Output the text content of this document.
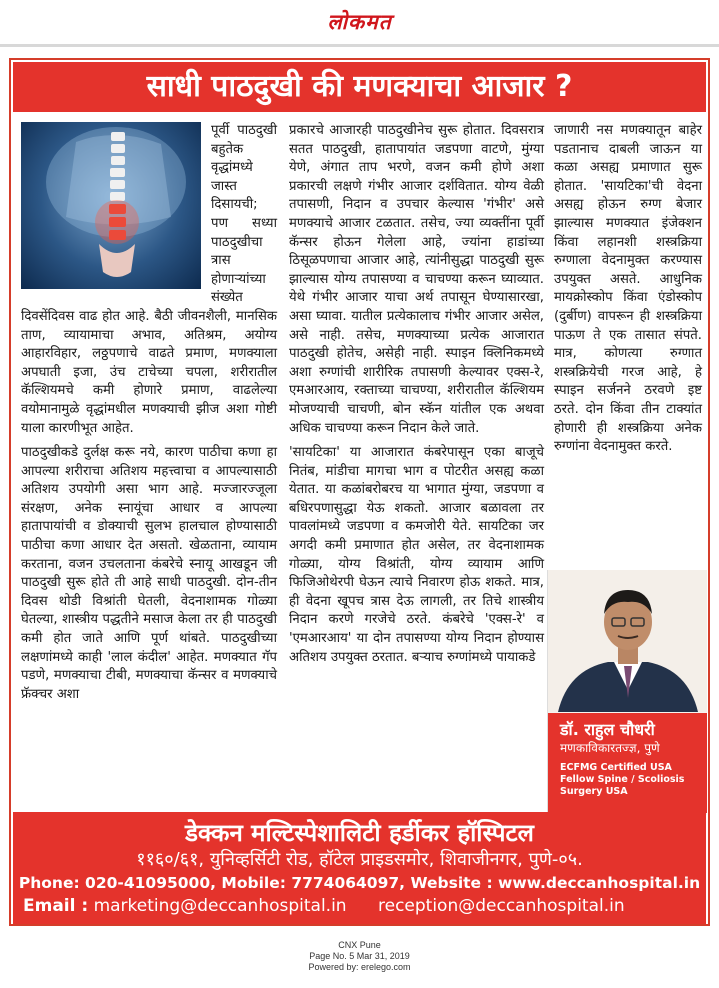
लोकमत
साधी पाठदुखी की मणक्याचा आजार ?

पूर्वी पाठदुखी बहुतेक वृद्धांमध्ये जास्त दिसायची; पण सध्या पाठदुखीचा त्रास होणाऱ्यांच्या संख्येत दिवसेंदिवस वाढ होत आहे. बैठी जीवनशैली, मानसिक ताण, व्यायामाचा अभाव, अतिश्रम, अयोग्य आहारविहार, लठ्ठपणाचे वाढते प्रमाण, मणक्याला अपघाती इजा, उंच टाचेच्या चपला, शरीरातील कॅल्शियमचे कमी होणारे प्रमाण, वाढलेल्या वयोमानामुळे वृद्धांमधील मणक्याची झीज अशा गोष्टी याला कारणीभूत आहेत.

पाठदुखीकडे दुर्लक्ष करू नये, कारण पाठीचा कणा हा आपल्या शरीराचा अतिशय महत्त्वाचा व आपल्यासाठी अतिशय उपयोगी असा भाग आहे. मज्जारज्जूला संरक्षण, अनेक स्नायूंचा आधार व आपल्या हातापायांची व डोक्याची सुलभ हालचाल होण्यासाठी पाठीचा कणा आधार देत असतो. खेळताना, व्यायाम करताना, वजन उचलताना कंबरेचे स्नायू आखडून जी पाठदुखी सुरू होते ती आहे साधी पाठदुखी. दोन-तीन दिवस थोडी विश्रांती घेतली, वेदनाशामक गोळ्या घेतल्या, शास्त्रीय पद्धतीने मसाज केला तर ही पाठदुखी कमी होत जाते आणि पूर्ण थांबते. पाठदुखीच्या लक्षणांमध्ये काही 'लाल कंदील' आहेत. मणक्यात गॅप पडणे, मणक्याचा टीबी, मणक्याचा कॅन्सर व मणक्याचे फ्रॅक्चर अशा

प्रकारचे आजारही पाठदुखीनेच सुरू होतात. दिवसरात्र सतत पाठदुखी, हातापायांत जडपणा वाटणे, मुंग्या येणे, अंगात ताप भरणे, वजन कमी होणे अशा प्रकारची लक्षणे गंभीर आजार दर्शवितात. योग्य वेळी तपासणी, निदान व उपचार केल्यास 'गंभीर' असे मणक्याचे आजार टळतात. तसेच, ज्या व्यक्तींना पूर्वी कॅन्सर होऊन गेलेला आहे, ज्यांना हाडांच्या ठिसूळपणाचा आजार आहे, त्यांनीसुद्धा पाठदुखी सुरू झाल्यास योग्य तपासण्या व चाचण्या करून घ्याव्यात. येथे गंभीर आजार याचा अर्थ तपासून घेण्यासारखा, असा घ्यावा. यातील प्रत्येकालाच गंभीर आजार असेल, असे नाही. तसेच, मणक्याच्या प्रत्येक आजारात पाठदुखी होतेच, असेही नाही. स्पाइन क्लिनिकमध्ये अशा रुग्णांची शारीरिक तपासणी केल्यावर एक्स-रे, एमआरआय, रक्ताच्या चाचण्या, शरीरातील कॅल्शियम मोजण्याची चाचणी, बोन स्कॅन यांतील एक अथवा अधिक चाचण्या करून निदान केले जाते.

'सायटिका' या आजारात कंबरेपासून एका बाजूचे नितंब, मांडीचा मागचा भाग व पोटरीत असह्य कळा येतात. या कळांबरोबरच या भागात मुंग्या, जडपणा व बधिरपणासुद्धा येऊ शकतो. आजार बळावला तर पावलांमध्ये जडपणा व कमजोरी येते. सायटिका जर अगदी कमी प्रमाणात होत असेल, तर वेदनाशामक गोळ्या, योग्य विश्रांती, योग्य व्यायाम आणि फिजिओथेरपी घेऊन त्याचे निवारण होऊ शकते. मात्र, ही वेदना खूपच त्रास देऊ लागली, तर तिचे शास्त्रीय निदान करणे गरजेचे ठरते. कंबरेचे 'एक्स-रे' व 'एमआरआय' या दोन तपासण्या योग्य निदान होण्यास अतिशय उपयुक्त ठरतात. बऱ्याच रुग्णांमध्ये पायाकडे

जाणारी नस मणक्यातून बाहेर पडतानाच दाबली जाऊन या कळा असह्य प्रमाणात सुरू होतात. 'सायटिका'ची वेदना असह्य होऊन रुग्ण बेजार झाल्यास मणक्यात इंजेक्शन किंवा लहानशी शस्त्रक्रिया रुग्णाला वेदनामुक्त करण्यास उपयुक्त असते. आधुनिक मायक्रोस्कोप किंवा एंडोस्कोप (दुर्बीण) वापरून ही शस्त्रक्रिया पाऊण ते एक तासात संपते. मात्र, कोणत्या रुग्णात शस्त्रक्रियेची गरज आहे, हे स्पाइन सर्जनने ठरवणे इष्ट ठरते. दोन किंवा तीन टाक्यांत होणारी ही शस्त्रक्रिया अनेक रुग्णांना वेदनामुक्त करते.

डॉ. राहुल चौधरी
मणकाविकारतज्ज्ञ, पुणे
ECFMG Certified USA
Fellow Spine / Scoliosis
Surgery USA
डेक्कन मल्टिस्पेशालिटी हर्डीकर हॉस्पिटल
११६०/६१, युनिव्हर्सिटी रोड, हॉटेल प्राइडसमोर, शिवाजीनगर, पुणे-०५.
Phone: 020-41095000, Mobile: 7774064097, Website : www.deccanhospital.in
Email : marketing@deccanhospital.in reception@deccanhospital.in
CNX Pune
Page No. 5 Mar 31, 2019
Powered by: erelego.com
